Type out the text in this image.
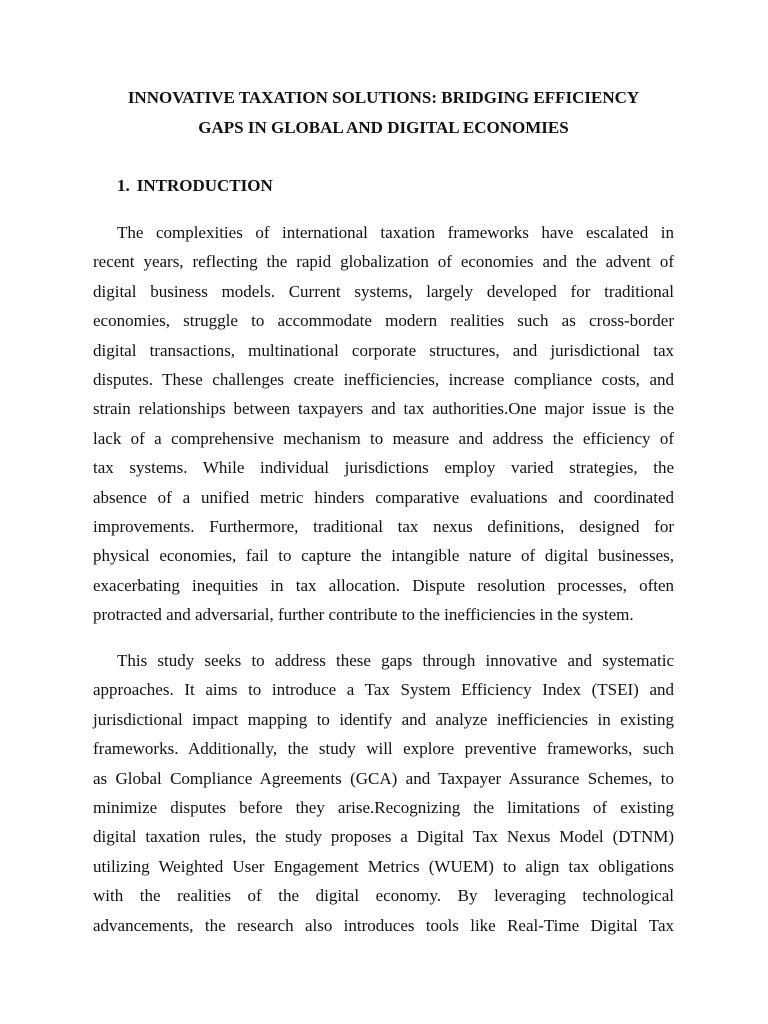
INNOVATIVE TAXATION SOLUTIONS: BRIDGING EFFICIENCY
GAPS IN GLOBAL AND DIGITAL ECONOMIES
1. INTRODUCTION
The complexities of international taxation frameworks have escalated in
recent years, reflecting the rapid globalization of economies and the advent of
digital business models. Current systems, largely developed for traditional
economies, struggle to accommodate modern realities such as cross-border
digital transactions, multinational corporate structures, and jurisdictional tax
disputes. These challenges create inefficiencies, increase compliance costs, and
strain relationships between taxpayers and tax authorities.One major issue is the
lack of a comprehensive mechanism to measure and address the efficiency of
tax systems. While individual jurisdictions employ varied strategies, the
absence of a unified metric hinders comparative evaluations and coordinated
improvements. Furthermore, traditional tax nexus definitions, designed for
physical economies, fail to capture the intangible nature of digital businesses,
exacerbating inequities in tax allocation. Dispute resolution processes, often
protracted and adversarial, further contribute to the inefficiencies in the system.
This study seeks to address these gaps through innovative and systematic
approaches. It aims to introduce a Tax System Efficiency Index (TSEI) and
jurisdictional impact mapping to identify and analyze inefficiencies in existing
frameworks. Additionally, the study will explore preventive frameworks, such
as Global Compliance Agreements (GCA) and Taxpayer Assurance Schemes, to
minimize disputes before they arise.Recognizing the limitations of existing
digital taxation rules, the study proposes a Digital Tax Nexus Model (DTNM)
utilizing Weighted User Engagement Metrics (WUEM) to align tax obligations
with the realities of the digital economy. By leveraging technological
advancements, the research also introduces tools like Real-Time Digital Tax
